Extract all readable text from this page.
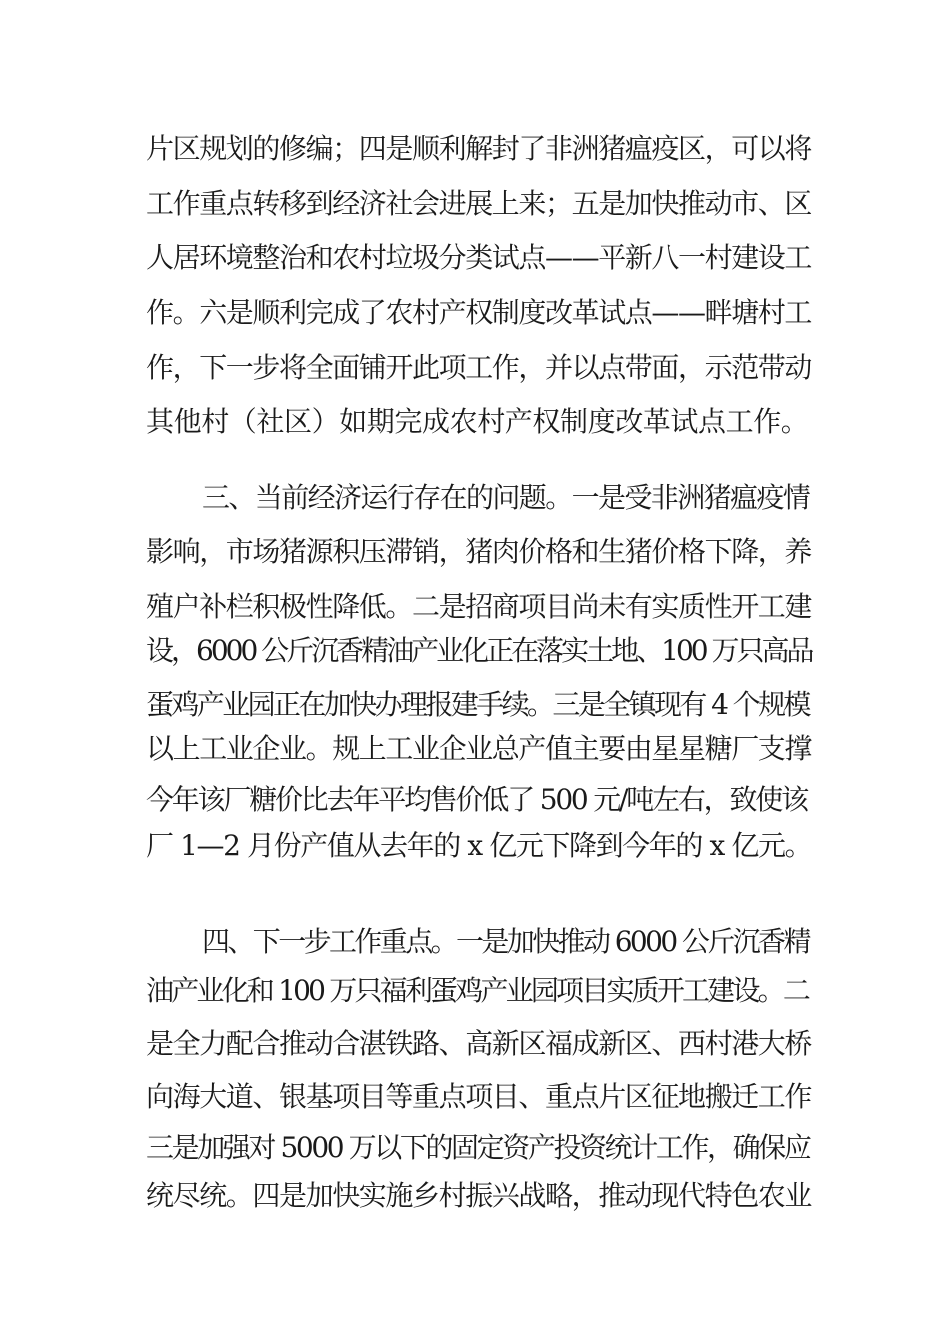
片区规划的修编；四是顺利解封了非洲猪瘟疫区，可以将
工作重点转移到经济社会进展上来；五是加快推动市、区
人居环境整治和农村垃圾分类试点——平新八一村建设工
作。六是顺利完成了农村产权制度改革试点——畔塘村工
作，下一步将全面铺开此项工作，并以点带面，示范带动
其他村（社区）如期完成农村产权制度改革试点工作。
三、当前经济运行存在的问题。一是受非洲猪瘟疫情
影响，市场猪源积压滞销，猪肉价格和生猪价格下降，养
殖户补栏积极性降低。二是招商项目尚未有实质性开工建
设，6000 公斤沉香精油产业化正在落实土地、100 万只高品
蛋鸡产业园正在加快办理报建手续。三是全镇现有 4 个规模
以上工业企业。规上工业企业总产值主要由星星糖厂支撑
今年该厂糖价比去年平均售价低了 500 元/吨左右，致使该
厂 1—2 月份产值从去年的 x 亿元下降到今年的 x 亿元。
四、下一步工作重点。一是加快推动 6000 公斤沉香精
油产业化和 100 万只福利蛋鸡产业园项目实质开工建设。二
是全力配合推动合湛铁路、高新区福成新区、西村港大桥
向海大道、银基项目等重点项目、重点片区征地搬迁工作
三是加强对 5000 万以下的固定资产投资统计工作，确保应
统尽统。四是加快实施乡村振兴战略，推动现代特色农业
